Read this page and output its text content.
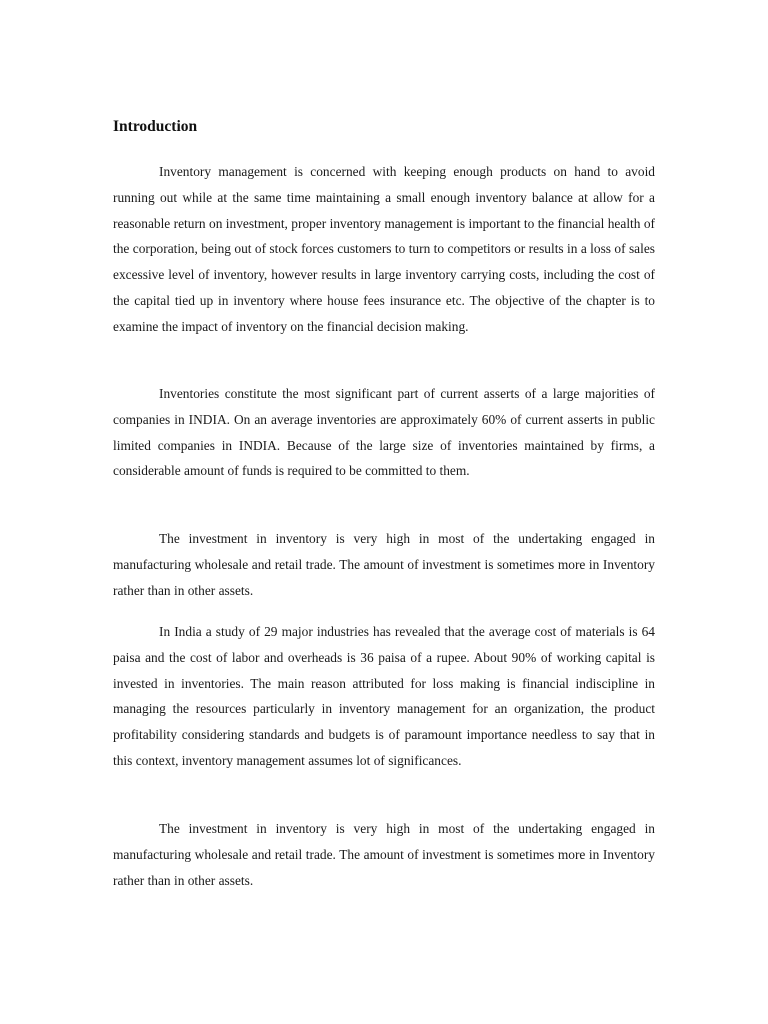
Introduction

Inventory management is concerned with keeping enough products on hand to avoid running out while at the same time maintaining a small enough inventory balance at allow for a reasonable return on investment, proper inventory management is important to the financial health of the corporation, being out of stock forces customers to turn to competitors or results in a loss of sales excessive level of inventory, however results in large inventory carrying costs, including the cost of the capital tied up in inventory where house fees insurance etc. The objective of the chapter is to examine the impact of inventory on the financial decision making.

Inventories constitute the most significant part of current asserts of a large majorities of companies in INDIA. On an average inventories are approximately 60% of current asserts in public limited companies in INDIA. Because of the large size of inventories maintained by firms, a considerable amount of funds is required to be committed to them.

The investment in inventory is very high in most of the undertaking engaged in manufacturing wholesale and retail trade. The amount of investment is sometimes more in Inventory rather than in other assets.

In India a study of 29 major industries has revealed that the average cost of materials is 64 paisa and the cost of labor and overheads is 36 paisa of a rupee. About 90% of working capital is invested in inventories. The main reason attributed for loss making is financial indiscipline in managing the resources particularly in inventory management for an organization, the product profitability considering standards and budgets is of paramount importance needless to say that in this context, inventory management assumes lot of significances.

The investment in inventory is very high in most of the undertaking engaged in manufacturing wholesale and retail trade. The amount of investment is sometimes more in Inventory rather than in other assets.
